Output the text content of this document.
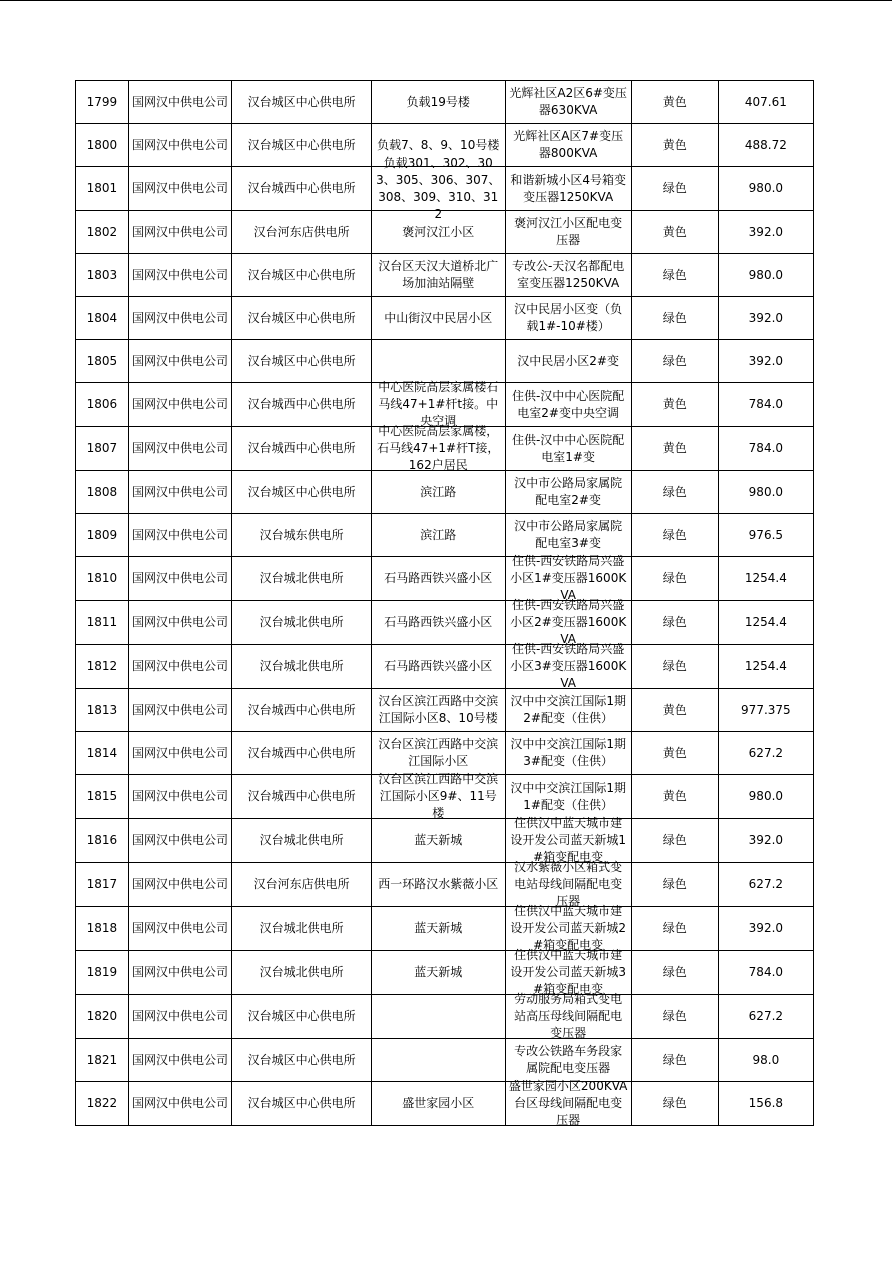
1799	国网汉中供电公司	汉台城区中心供电所	负载19号楼	光辉社区A2区6#变压器630KVA	黄色	407.61

1800	国网汉中供电公司	汉台城区中心供电所	负载7、8、9、10号楼	光辉社区A区7#变压器800KVA	黄色	488.72

1801	国网汉中供电公司	汉台城西中心供电所	负载301、302、303、305、306、307、308、309、310、312	和谐新城小区4号箱变变压器1250KVA	绿色	980.0

1802	国网汉中供电公司	汉台河东店供电所	褒河汉江小区	褒河汉江小区配电变压器	黄色	392.0

1803	国网汉中供电公司	汉台城区中心供电所	汉台区天汉大道桥北广场加油站隔壁	专改公-天汉名都配电室变压器1250KVA	绿色	980.0

1804	国网汉中供电公司	汉台城区中心供电所	中山街汉中民居小区	汉中民居小区变（负载1#-10#楼）	绿色	392.0

1805	国网汉中供电公司	汉台城区中心供电所		汉中民居小区2#变	绿色	392.0

1806	国网汉中供电公司	汉台城西中心供电所	中心医院高层家属楼石马线47+1#杆t接。中央空调	住供-汉中中心医院配电室2#变中央空调	黄色	784.0

1807	国网汉中供电公司	汉台城西中心供电所	中心医院高层家属楼，石马线47+1#杆T接，162户居民	住供-汉中中心医院配电室1#变	黄色	784.0

1808	国网汉中供电公司	汉台城区中心供电所	滨江路	汉中市公路局家属院配电室2#变	绿色	980.0

1809	国网汉中供电公司	汉台城东供电所	滨江路	汉中市公路局家属院配电室3#变	绿色	976.5

1810	国网汉中供电公司	汉台城北供电所	石马路西铁兴盛小区	住供-西安铁路局兴盛小区1#变压器1600KVA	绿色	1254.4

1811	国网汉中供电公司	汉台城北供电所	石马路西铁兴盛小区	住供-西安铁路局兴盛小区2#变压器1600KVA	绿色	1254.4

1812	国网汉中供电公司	汉台城北供电所	石马路西铁兴盛小区	住供-西安铁路局兴盛小区3#变压器1600KVA	绿色	1254.4

1813	国网汉中供电公司	汉台城西中心供电所	汉台区滨江西路中交滨江国际小区8、10号楼	汉中中交滨江国际1期2#配变（住供）	黄色	977.375

1814	国网汉中供电公司	汉台城西中心供电所	汉台区滨江西路中交滨江国际小区	汉中中交滨江国际1期3#配变（住供）	黄色	627.2

1815	国网汉中供电公司	汉台城西中心供电所	汉台区滨江西路中交滨江国际小区9#、11号楼	汉中中交滨江国际1期1#配变（住供）	黄色	980.0

1816	国网汉中供电公司	汉台城北供电所	蓝天新城	住供汉中蓝天城市建设开发公司蓝天新城1#箱变配电变	绿色	392.0

1817	国网汉中供电公司	汉台河东店供电所	西一环路汉水紫薇小区	汉水紫薇小区箱式变电站母线间隔配电变压器	绿色	627.2

1818	国网汉中供电公司	汉台城北供电所	蓝天新城	住供汉中蓝天城市建设开发公司蓝天新城2#箱变配电变	绿色	392.0

1819	国网汉中供电公司	汉台城北供电所	蓝天新城	住供汉中蓝天城市建设开发公司蓝天新城3#箱变配电变	绿色	784.0

1820	国网汉中供电公司	汉台城区中心供电所		劳动服务局箱式变电站高压母线间隔配电变压器	绿色	627.2

1821	国网汉中供电公司	汉台城区中心供电所		专改公铁路车务段家属院配电变压器	绿色	98.0

1822	国网汉中供电公司	汉台城区中心供电所	盛世家园小区	盛世家园小区200KVA台区母线间隔配电变压器	绿色	156.8
